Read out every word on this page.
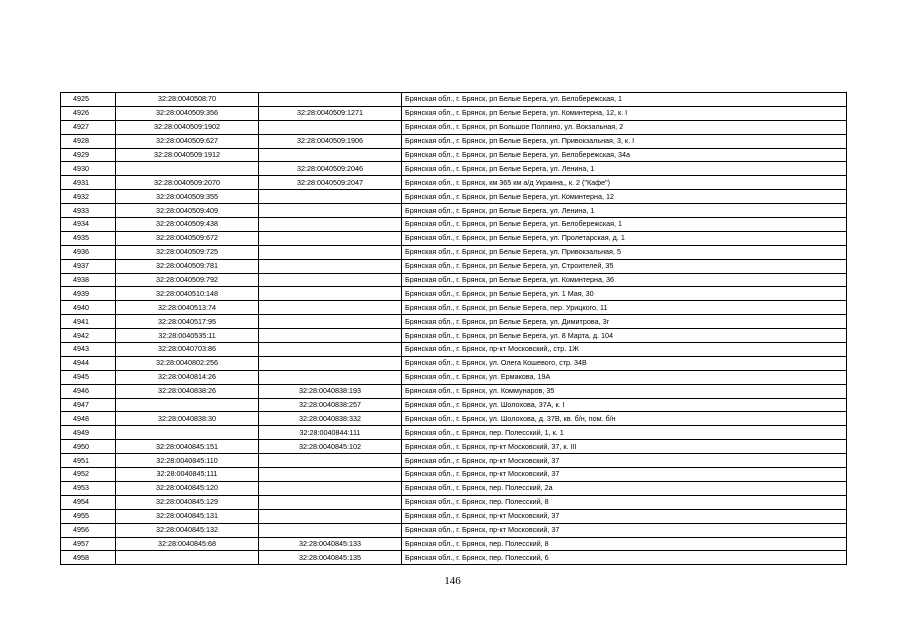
4925	32:28:0040508:70		Брянская обл., г. Брянск, рп Белые Берега, ул. Белобережская, 1
4926	32:28:0040509:356	32:28:0040509:1271	Брянская обл., г. Брянск, рп Белые Берега, ул. Коминтерна, 12, к. I
4927	32:28:0040509:1902		Брянская обл., г. Брянск, рп Большое Полпино, ул. Вокзальная, 2
4928	32:28:0040509:627	32:28:0040509:1906	Брянская обл., г. Брянск, рп Белые Берега, ул. Привокзальная, 3, к. I
4929	32:28:0040509:1912		Брянская обл., г. Брянск, рп Белые Берега, ул. Белобережская, 34а
4930		32:28:0040509:2046	Брянская обл., г. Брянск, рп Белые Берега, ул. Ленина, 1
4931	32:28:0040509:2070	32:28:0040509:2047	Брянская обл., г. Брянск, км 365 км а/д Украина,, к. 2 ("Кафе")
4932	32:28:0040509:355		Брянская обл., г. Брянск, рп Белые Берега, ул. Коминтерна, 12
4933	32:28:0040509:409		Брянская обл., г. Брянск, рп Белые Берега, ул. Ленина, 1
4934	32:28:0040509:438		Брянская обл., г. Брянск, рп Белые Берега, ул. Белобережская, 1
4935	32:28:0040509:672		Брянская обл., г. Брянск, рп Белые Берега, ул. Пролетарская, д. 1
4936	32:28:0040509:725		Брянская обл., г. Брянск, рп Белые Берега, ул. Привокзальная, 5
4937	32:28:0040509:781		Брянская обл., г. Брянск, рп Белые Берега, ул. Строителей, 35
4938	32:28:0040509:792		Брянская обл., г. Брянск, рп Белые Берега, ул. Коминтерна, 36
4939	32:28:0040510:148		Брянская обл., г. Брянск, рп Белые Берега, ул. 1 Мая, 30
4940	32:28:0040513:74		Брянская обл., г. Брянск, рп Белые Берега, пер. Урицкого, 11
4941	32:28:0040517:95		Брянская обл., г. Брянск, рп Белые Берега, ул. Димитрова, 3г
4942	32:28:0040535:11		Брянская обл., г. Брянск, рп Белые Берега, ул. 8 Марта, д. 104
4943	32:28:0040703:86		Брянская обл., г. Брянск, пр-кт Московский,, стр. 1Ж
4944	32:28:0040802:256		Брянская обл., г. Брянск, ул. Олега Кошевого, стр. 34В
4945	32:28:0040814:26		Брянская обл., г. Брянск, ул. Ермакова, 19А
4946	32:28:0040838:26	32:28:0040838:193	Брянская обл., г. Брянск, ул. Коммунаров, 35
4947		32:28:0040838:257	Брянская обл., г. Брянск, ул. Шолохова, 37А, к. I
4948	32:28:0040838:30	32:28:0040838:332	Брянская обл., г. Брянск, ул. Шолохова, д. 37В, кв. б/н, пом. б/н
4949		32:28:0040844:111	Брянская обл., г. Брянск, пер. Полесский, 1, к. 1
4950	32:28:0040845:151	32:28:0040845:102	Брянская обл., г. Брянск, пр-кт Московский, 37, к. III
4951	32:28:0040845:110		Брянская обл., г. Брянск, пр-кт Московский, 37
4952	32:28:0040845:111		Брянская обл., г. Брянск, пр-кт Московский, 37
4953	32:28:0040845:120		Брянская обл., г. Брянск, пер. Полесский, 2а
4954	32:28:0040845:129		Брянская обл., г. Брянск, пер. Полесский, 8
4955	32:28:0040845:131		Брянская обл., г. Брянск, пр-кт Московский, 37
4956	32:28:0040845:132		Брянская обл., г. Брянск, пр-кт Московский, 37
4957	32:28:0040845:68	32:28:0040845:133	Брянская обл., г. Брянск, пер. Полесский, 8
4958		32:28:0040845:135	Брянская обл., г. Брянск, пер. Полесский, 6
146
